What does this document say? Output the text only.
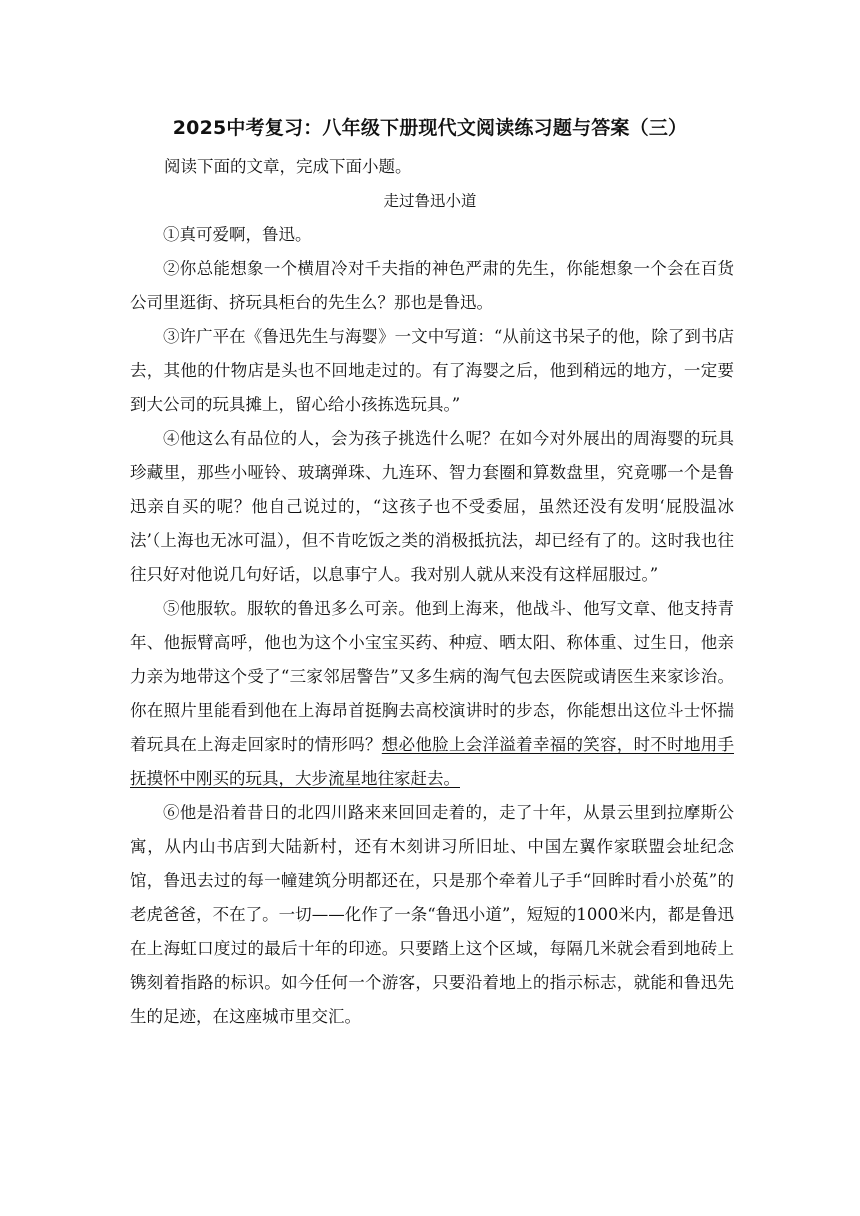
2025中考复习：八年级下册现代文阅读练习题与答案（三）
阅读下面的文章，完成下面小题。
走过鲁迅小道

①真可爱啊，鲁迅。

②你总能想象一个横眉冷对千夫指的神色严肃的先生，你能想象一个会在百货公司里逛街、挤玩具柜台的先生么？那也是鲁迅。

③许广平在《鲁迅先生与海婴》一文中写道：“从前这书呆子的他，除了到书店去，其他的什物店是头也不回地走过的。有了海婴之后，他到稍远的地方，一定要到大公司的玩具摊上，留心给小孩拣选玩具。”

④他这么有品位的人，会为孩子挑选什么呢？在如今对外展出的周海婴的玩具珍藏里，那些小哑铃、玻璃弹珠、九连环、智力套圈和算数盘里，究竟哪一个是鲁迅亲自买的呢？他自己说过的，“这孩子也不受委屈，虽然还没有发明‘屁股温冰法’（上海也无冰可温），但不肯吃饭之类的消极抵抗法，却已经有了的。这时我也往往只好对他说几句好话，以息事宁人。我对别人就从来没有这样屈服过。”

⑤他服软。服软的鲁迅多么可亲。他到上海来，他战斗、他写文章、他支持青年、他振臂高呼，他也为这个小宝宝买药、种痘、晒太阳、称体重、过生日，他亲力亲为地带这个受了“三家邻居警告”又多生病的淘气包去医院或请医生来家诊治。你在照片里能看到他在上海昂首挺胸去高校演讲时的步态，你能想出这位斗士怀揣着玩具在上海走回家时的情形吗？想必他脸上会洋溢着幸福的笑容，时不时地用手抚摸怀中刚买的玩具，大步流星地往家赶去。

⑥他是沿着昔日的北四川路来来回回走着的，走了十年，从景云里到拉摩斯公寓，从内山书店到大陆新村，还有木刻讲习所旧址、中国左翼作家联盟会址纪念馆，鲁迅去过的每一幢建筑分明都还在，只是那个牵着儿子手“回眸时看小於菟”的老虎爸爸，不在了。一切——化作了一条“鲁迅小道”，短短的1000米内，都是鲁迅在上海虹口度过的最后十年的印迹。只要踏上这个区域，每隔几米就会看到地砖上镌刻着指路的标识。如今任何一个游客，只要沿着地上的指示标志，就能和鲁迅先生的足迹，在这座城市里交汇。
